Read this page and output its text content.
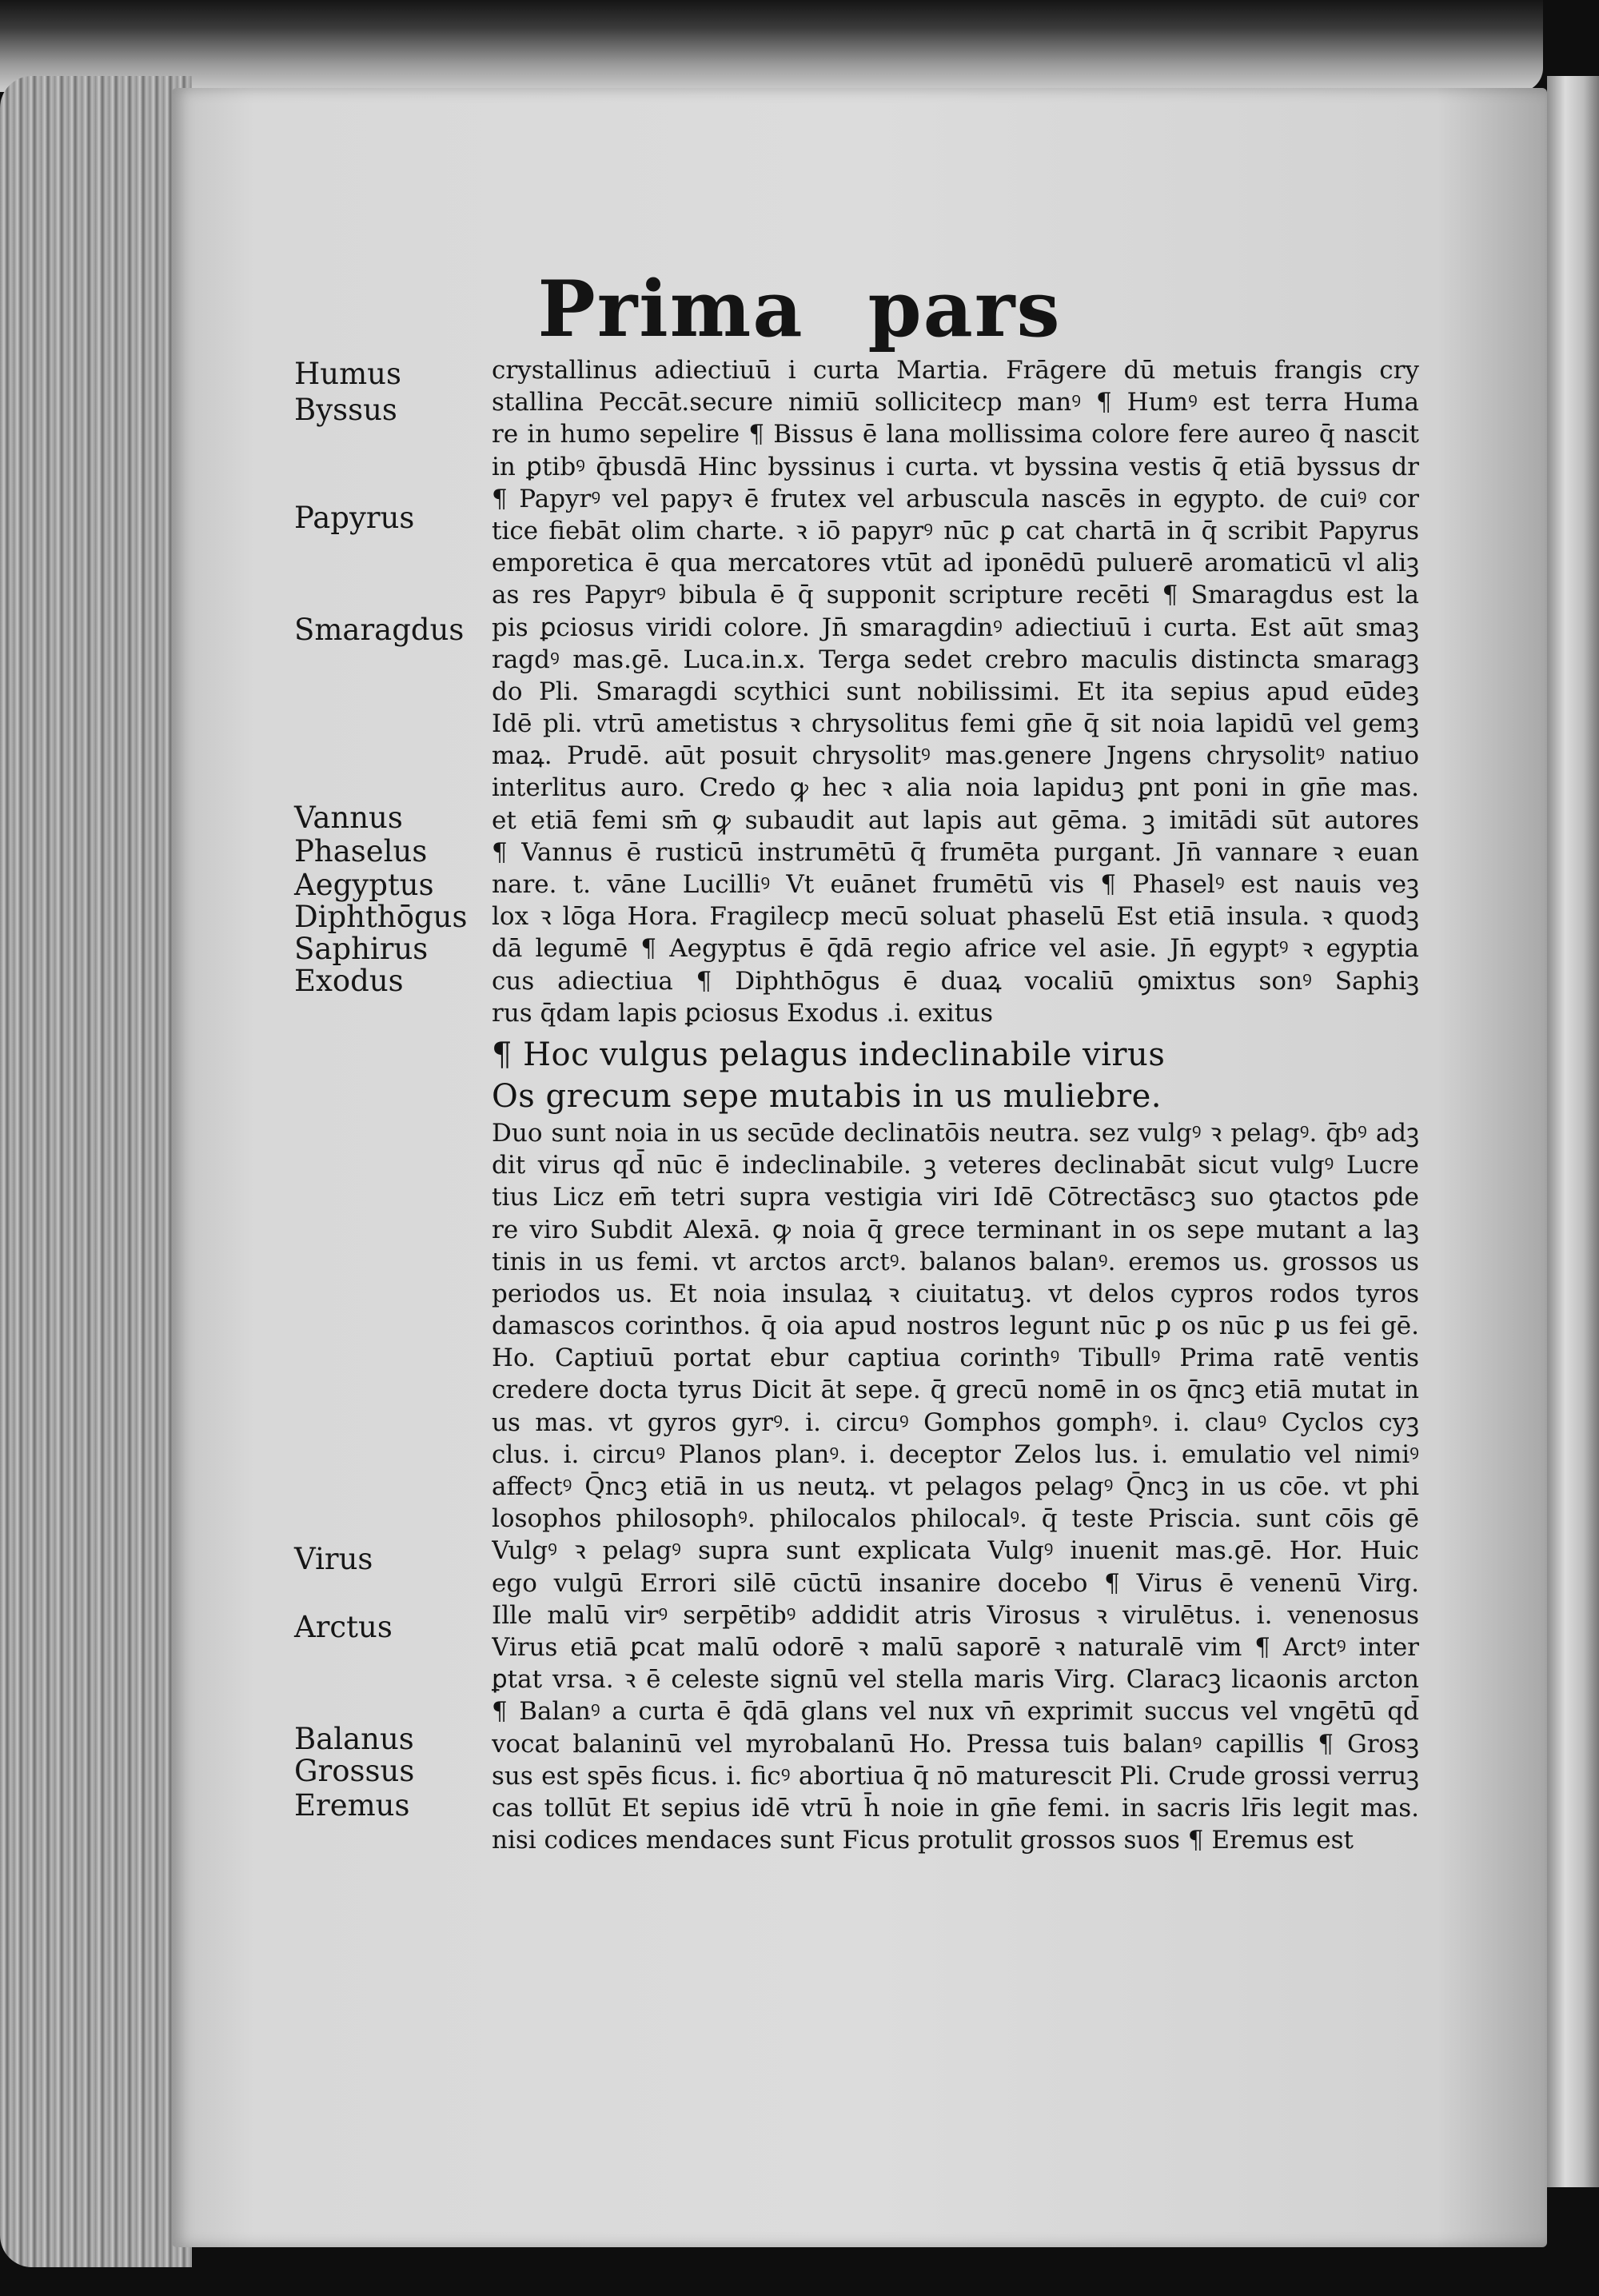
Prima pars
Humus
Byssus
Papyrus
Smaragdus
Vannus
Phaselus
Aegyptus
Diphthōgus
Saphirus
Exodus
Virus
Arctus
Balanus
Grossus
Eremus
crystallinus adiectiuū i curta Martia. Frāgere dū metuis frangis cry
stallina Peccāt.secure nimiū sollicitecp manꝰ ¶ Humꝰ est terra Huma
re in humo sepelire ¶ Bissus ē lana mollissima colore fere aureo q̄ nascit
in ꝑtibꝰ q̄busdā Hinc byssinus i curta. vt byssina vestis q̄ etiā byssus dr
¶ Papyrꝰ vel papyꝛ ē frutex vel arbuscula nascēs in egypto. de cuiꝰ cor
tice fiebāt olim charte. ꝛ iō papyrꝰ nūc ꝑ cat chartā in q̄ scribit Papyrus
emporetica ē qua mercatores vtūt ad iponēdū puluerē aromaticū vl aliꝫ
as res Papyrꝰ bibula ē q̄ supponit scripture recēti ¶ Smaragdus est la
pis ꝑciosus viridi colore. Jn̄ smaragdinꝰ adiectiuū i curta. Est aūt smaꝫ
ragdꝰ mas.gē. Luca.in.x. Terga sedet crebro maculis distincta smaragꝫ
do Pli. Smaragdi scythici sunt nobilissimi. Et ita sepius apud eūdeꝫ
Idē pli. vtrū ametistus ꝛ chrysolitus femi gn̄e q̄ sit noia lapidū vel gemꝫ
maꝝ. Prudē. aūt posuit chrysolitꝰ mas.genere Jngens chrysolitꝰ natiuo
interlitus auro. Credo ꝙ hec ꝛ alia noia lapiduꝫ ꝑnt poni in gn̄e mas.
et etiā femi sm̄ ꝙ subaudit aut lapis aut gēma. ꝫ imitādi sūt autores
¶ Vannus ē rusticū instrumētū q̄ frumēta purgant. Jn̄ vannare ꝛ euan
nare. t. vāne Lucilliꝰ Vt euānet frumētū vis ¶ Phaselꝰ est nauis veꝫ
lox ꝛ lōga Hora. Fragilecp mecū soluat phaselū Est etiā insula. ꝛ quodꝫ
dā legumē ¶ Aegyptus ē q̄dā regio africe vel asie. Jn̄ egyptꝰ ꝛ egyptia
cus adiectiua ¶ Diphthōgus ē duaꝝ vocaliū ꝯmixtus sonꝰ Saphiꝫ
rus q̄dam lapis ꝑciosus Exodus .i. exitus
¶ Hoc vulgus pelagus indeclinabile virus
Os grecum sepe mutabis in us muliebre.
Duo sunt noia in us secūde declinatōis neutra. sez vulgꝰ ꝛ pelagꝰ. q̄bꝰ adꝫ
dit virus qd̄ nūc ē indeclinabile. ꝫ veteres declinabāt sicut vulgꝰ Lucre
tius Licz em̄ tetri supra vestigia viri Idē Cōtrectāscꝫ suo ꝯtactos ꝑde
re viro Subdit Alexā. ꝙ noia q̄ grece terminant in os sepe mutant a laꝫ
tinis in us femi. vt arctos arctꝰ. balanos balanꝰ. eremos us. grossos us
periodos us. Et noia insulaꝝ ꝛ ciuitatuꝫ. vt delos cypros rodos tyros
damascos corinthos. q̄ oia apud nostros legunt nūc ꝑ os nūc ꝑ us fei gē.
Ho. Captiuū portat ebur captiua corinthꝰ Tibullꝰ Prima ratē ventis
credere docta tyrus Dicit āt sepe. q̄ grecū nomē in os q̄ncꝫ etiā mutat in
us mas. vt gyros gyrꝰ. i. circuꝰ Gomphos gomphꝰ. i. clauꝰ Cyclos cyꝫ
clus. i. circuꝰ Planos planꝰ. i. deceptor Zelos lus. i. emulatio vel nimiꝰ
affectꝰ Q̄ncꝫ etiā in us neutꝝ. vt pelagos pelagꝰ Q̄ncꝫ in us cōe. vt phi
losophos philosophꝰ. philocalos philocalꝰ. q̄ teste Priscia. sunt cōis gē
Vulgꝰ ꝛ pelagꝰ supra sunt explicata Vulgꝰ inuenit mas.gē. Hor. Huic
ego vulgū Errori silē cūctū insanire docebo ¶ Virus ē venenū Virg.
Ille malū virꝰ serpētibꝰ addidit atris Virosus ꝛ virulētus. i. venenosus
Virus etiā ꝑcat malū odorē ꝛ malū saporē ꝛ naturalē vim ¶ Arctꝰ inter
ꝑtat vrsa. ꝛ ē celeste signū vel stella maris Virg. Claracꝫ licaonis arcton
¶ Balanꝰ a curta ē q̄dā glans vel nux vn̄ exprimit succus vel vngētū qd̄
vocat balaninū vel myrobalanū Ho. Pressa tuis balanꝰ capillis ¶ Grosꝫ
sus est spēs ficus. i. ficꝰ abortiua q̄ nō maturescit Pli. Crude grossi verruꝫ
cas tollūt Et sepius idē vtrū h̄ noie in gn̄e femi. in sacris lr̄is legit mas.
nisi codices mendaces sunt Ficus protulit grossos suos ¶ Eremus est
